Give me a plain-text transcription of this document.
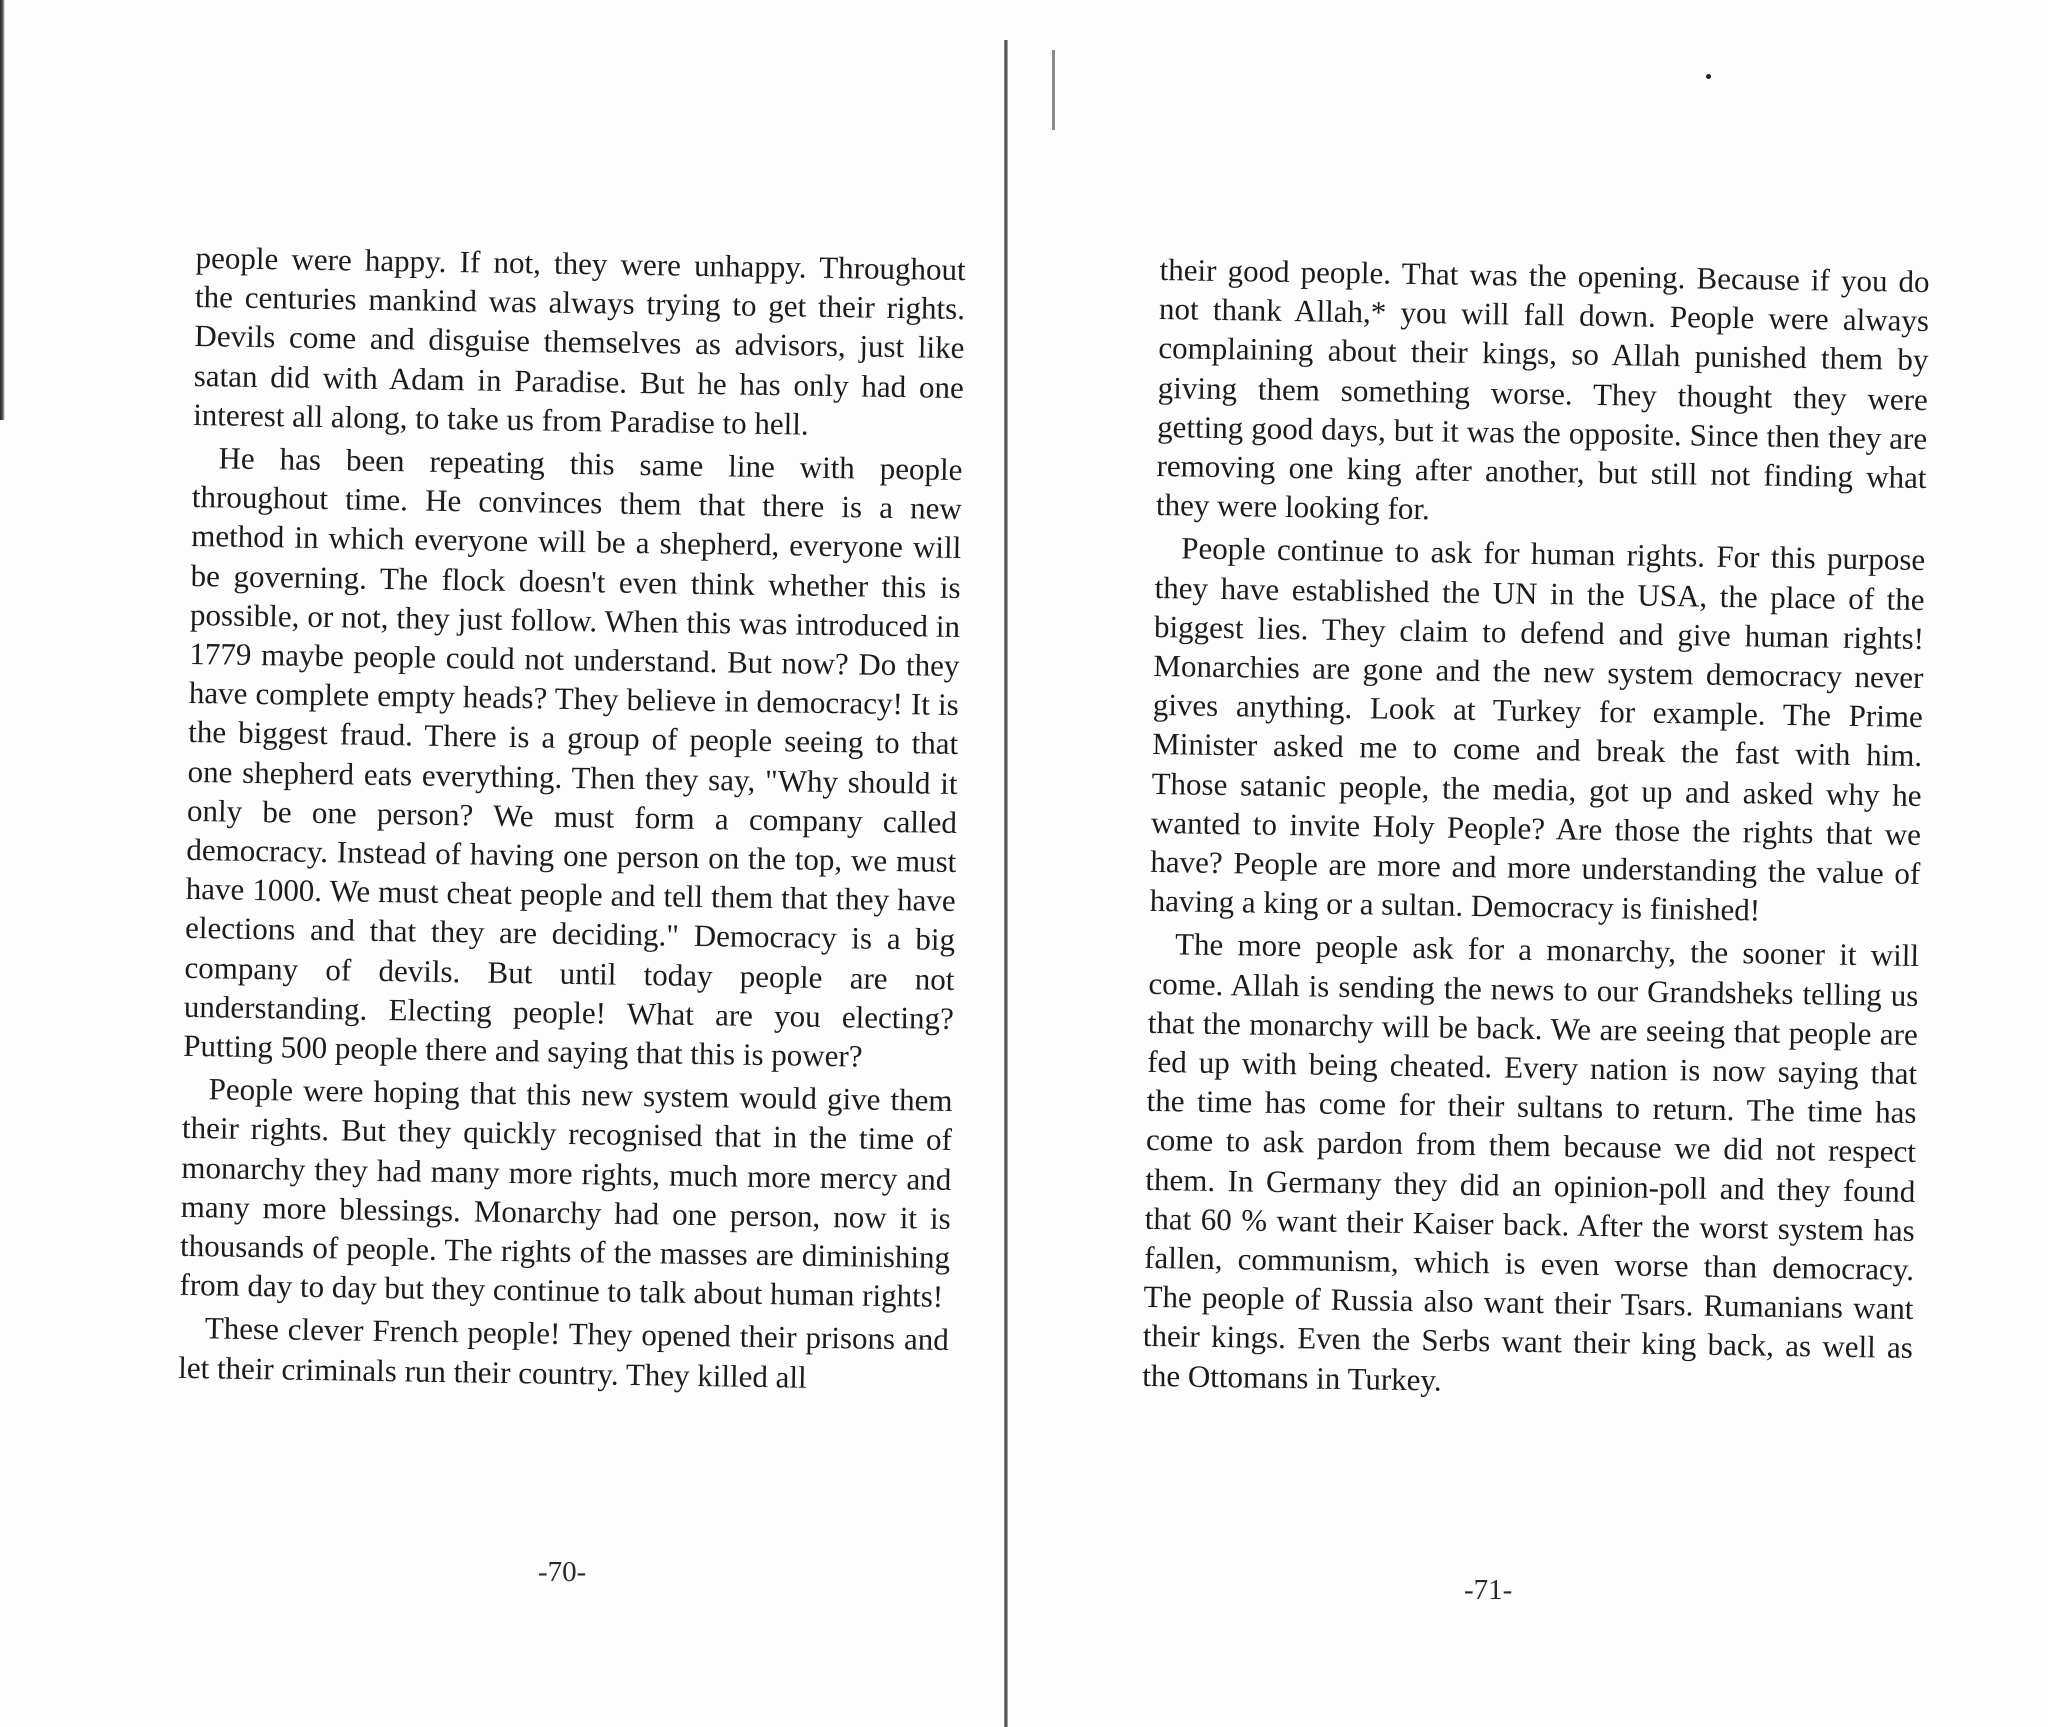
people were happy. If not, they were unhappy. Throughout the centuries mankind was always trying to get their rights. Devils come and disguise themselves as advisors, just like satan did with Adam in Paradise. But he has only had one interest all along, to take us from Paradise to hell.

He has been repeating this same line with people throughout time. He convinces them that there is a new method in which everyone will be a shepherd, everyone will be governing. The flock doesn't even think whether this is possible, or not, they just follow. When this was introduced in 1779 maybe people could not understand. But now? Do they have complete empty heads? They believe in democracy! It is the biggest fraud. There is a group of people seeing to that one shepherd eats everything. Then they say, "Why should it only be one person? We must form a company called democracy. Instead of having one person on the top, we must have 1000. We must cheat people and tell them that they have elections and that they are deciding." Democracy is a big company of devils. But until today people are not understanding. Electing people! What are you electing? Putting 500 people there and saying that this is power?

People were hoping that this new system would give them their rights. But they quickly recognised that in the time of monarchy they had many more rights, much more mercy and many more blessings. Monarchy had one person, now it is thousands of people. The rights of the masses are diminishing from day to day but they continue to talk about human rights!

These clever French people! They opened their prisons and let their criminals run their country. They killed all

-70-

their good people. That was the opening. Because if you do not thank Allah,* you will fall down. People were always complaining about their kings, so Allah punished them by giving them something worse. They thought they were getting good days, but it was the opposite. Since then they are removing one king after another, but still not finding what they were looking for.

People continue to ask for human rights. For this purpose they have established the UN in the USA, the place of the biggest lies. They claim to defend and give human rights! Monarchies are gone and the new system democracy never gives anything. Look at Turkey for example. The Prime Minister asked me to come and break the fast with him. Those satanic people, the media, got up and asked why he wanted to invite Holy People? Are those the rights that we have? People are more and more understanding the value of having a king or a sultan. Democracy is finished!

The more people ask for a monarchy, the sooner it will come. Allah is sending the news to our Grandsheks telling us that the monarchy will be back. We are seeing that people are fed up with being cheated. Every nation is now saying that the time has come for their sultans to return. The time has come to ask pardon from them because we did not respect them. In Germany they did an opinion-poll and they found that 60 % want their Kaiser back. After the worst system has fallen, communism, which is even worse than democracy. The people of Russia also want their Tsars. Rumanians want their kings. Even the Serbs want their king back, as well as the Ottomans in Turkey.

-71-
